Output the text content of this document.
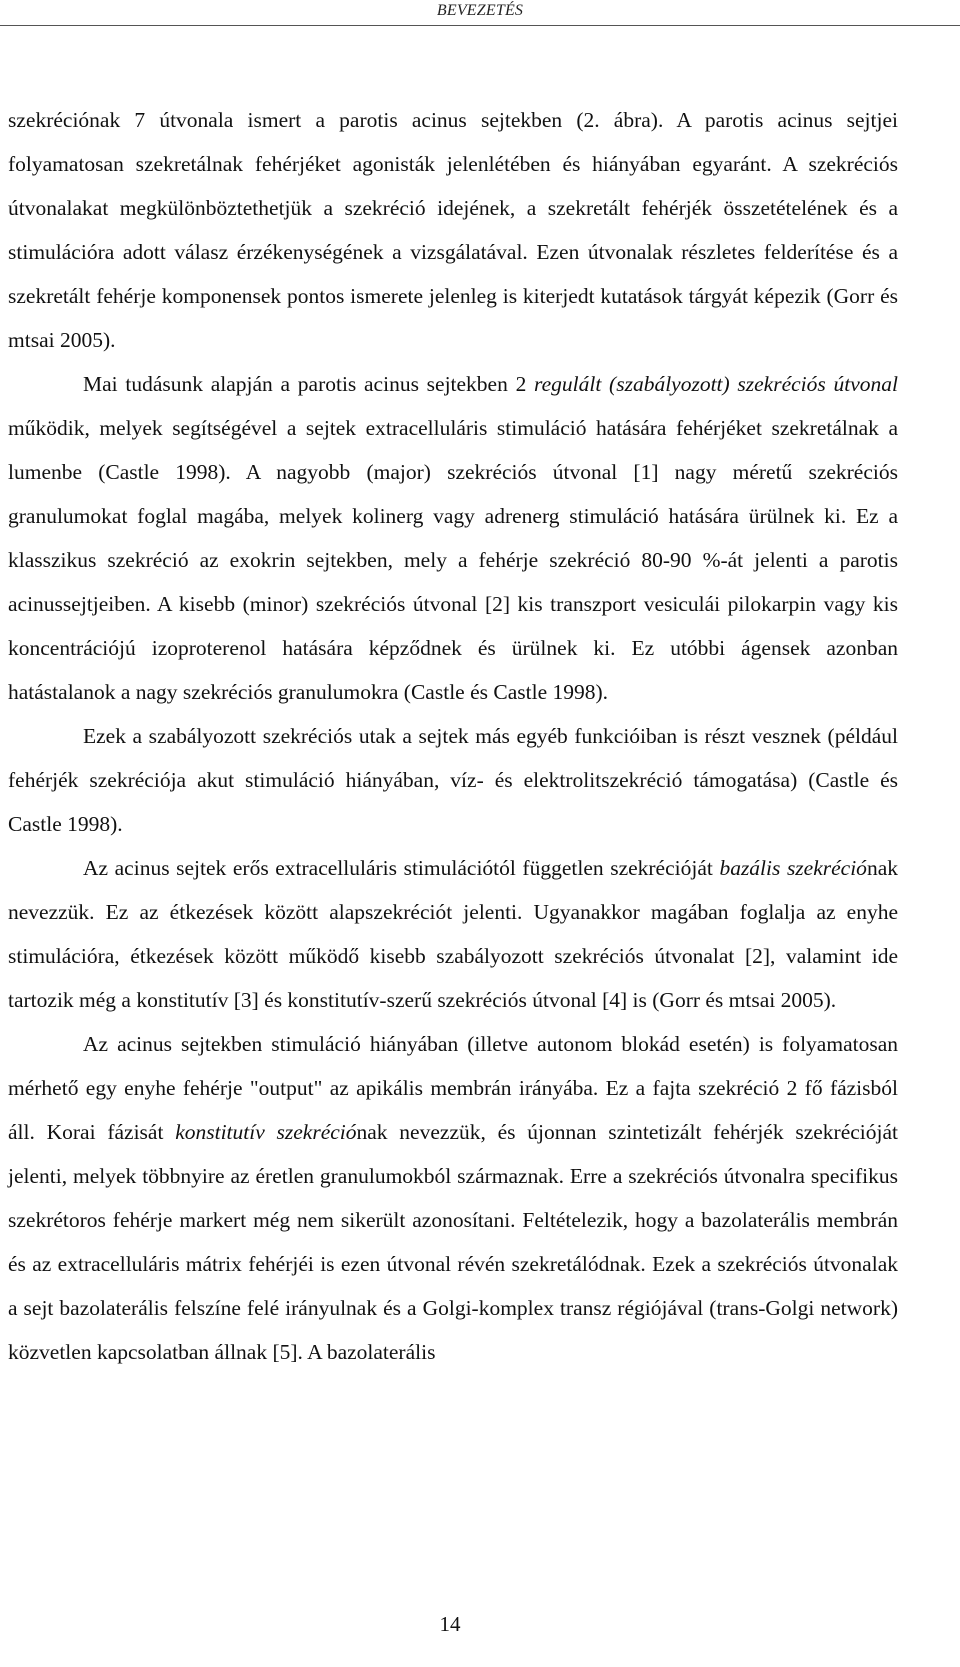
BEVEZETÉS

szekréciónak 7 útvonala ismert a parotis acinus sejtekben (2. ábra). A parotis acinus sejtjei folyamatosan szekretálnak fehérjéket agonisták jelenlétében és hiányában egyaránt. A szekréciós útvonalakat megkülönböztethetjük a szekréció idejének, a szekretált fehérjék összetételének és a stimulációra adott válasz érzékenységének a vizsgálatával. Ezen útvonalak részletes felderítése és a szekretált fehérje komponensek pontos ismerete jelenleg is kiterjedt kutatások tárgyát képezik (Gorr és mtsai 2005).

Mai tudásunk alapján a parotis acinus sejtekben 2 regulált (szabályozott) szekréciós útvonal működik, melyek segítségével a sejtek extracelluláris stimuláció hatására fehérjéket szekretálnak a lumenbe (Castle 1998). A nagyobb (major) szekréciós útvonal [1] nagy méretű szekréciós granulumokat foglal magába, melyek kolinerg vagy adrenerg stimuláció hatására ürülnek ki. Ez a klasszikus szekréció az exokrin sejtekben, mely a fehérje szekréció 80-90 %-át jelenti a parotis acinussejtjeiben. A kisebb (minor) szekréciós útvonal [2] kis transzport vesiculái pilokarpin vagy kis koncentrációjú izoproterenol hatására képződnek és ürülnek ki. Ez utóbbi ágensek azonban hatástalanok a nagy szekréciós granulumokra (Castle és Castle 1998).

Ezek a szabályozott szekréciós utak a sejtek más egyéb funkcióiban is részt vesznek (például fehérjék szekréciója akut stimuláció hiányában, víz- és elektrolitszekréció támogatása) (Castle és Castle 1998).

Az acinus sejtek erős extracelluláris stimulációtól független szekrécióját bazális szekréciónak nevezzük. Ez az étkezések között alapszekréciót jelenti. Ugyanakkor magában foglalja az enyhe stimulációra, étkezések között működő kisebb szabályozott szekréciós útvonalat [2], valamint ide tartozik még a konstitutív [3] és konstitutív-szerű szekréciós útvonal [4] is (Gorr és mtsai 2005).

Az acinus sejtekben stimuláció hiányában (illetve autonom blokád esetén) is folyamatosan mérhető egy enyhe fehérje "output" az apikális membrán irányába. Ez a fajta szekréció 2 fő fázisból áll. Korai fázisát konstitutív szekréciónak nevezzük, és újonnan szintetizált fehérjék szekrécióját jelenti, melyek többnyire az éretlen granulumokból származnak. Erre a szekréciós útvonalra specifikus szekrétoros fehérje markert még nem sikerült azonosítani. Feltételezik, hogy a bazolaterális membrán és az extracelluláris mátrix fehérjéi is ezen útvonal révén szekretálódnak. Ezek a szekréciós útvonalak a sejt bazolaterális felszíne felé irányulnak és a Golgi-komplex transz régiójával (trans-Golgi network) közvetlen kapcsolatban állnak [5]. A bazolaterális

14
